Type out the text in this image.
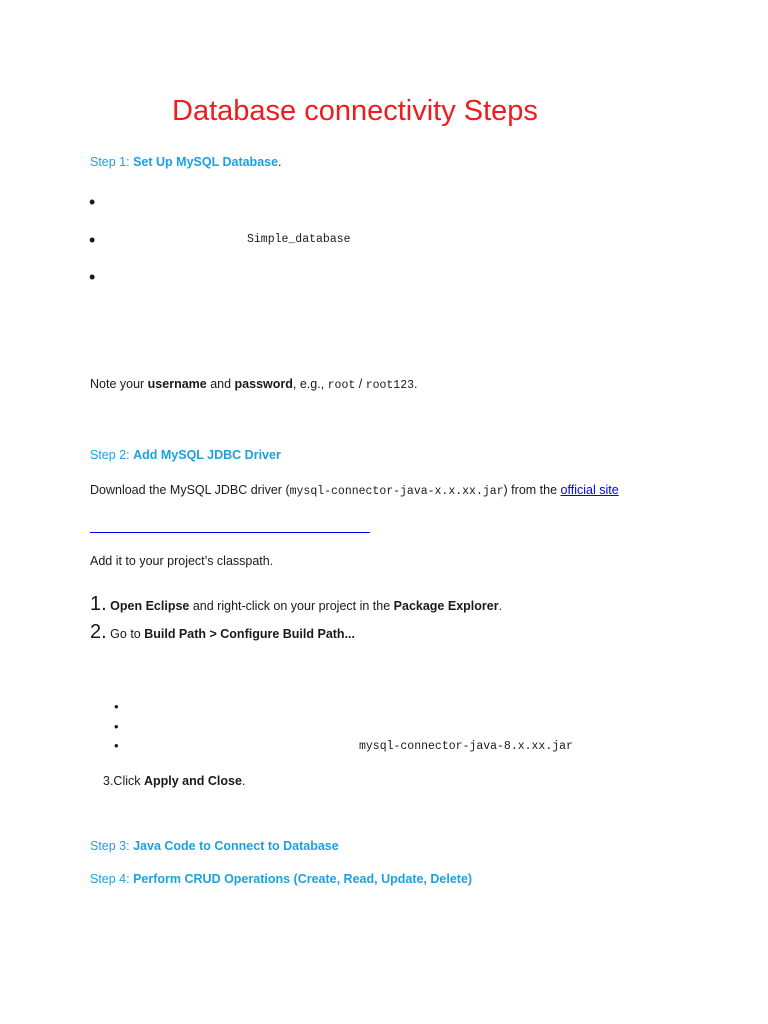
Database connectivity Steps
Step 1: Set Up MySQL Database.
•
•	Simple_database
•
Note your username and password, e.g., root / root123.
Step 2: Add MySQL JDBC Driver
Download the MySQL JDBC driver (mysql-connector-java-x.x.xx.jar) from the official site
Add it to your project’s classpath.
1. Open Eclipse and right-click on your project in the Package Explorer.
2. Go to Build Path > Configure Build Path...
•
•
•	mysql-connector-java-8.x.xx.jar
3.Click Apply and Close.
Step 3: Java Code to Connect to Database
Step 4: Perform CRUD Operations (Create, Read, Update, Delete)
